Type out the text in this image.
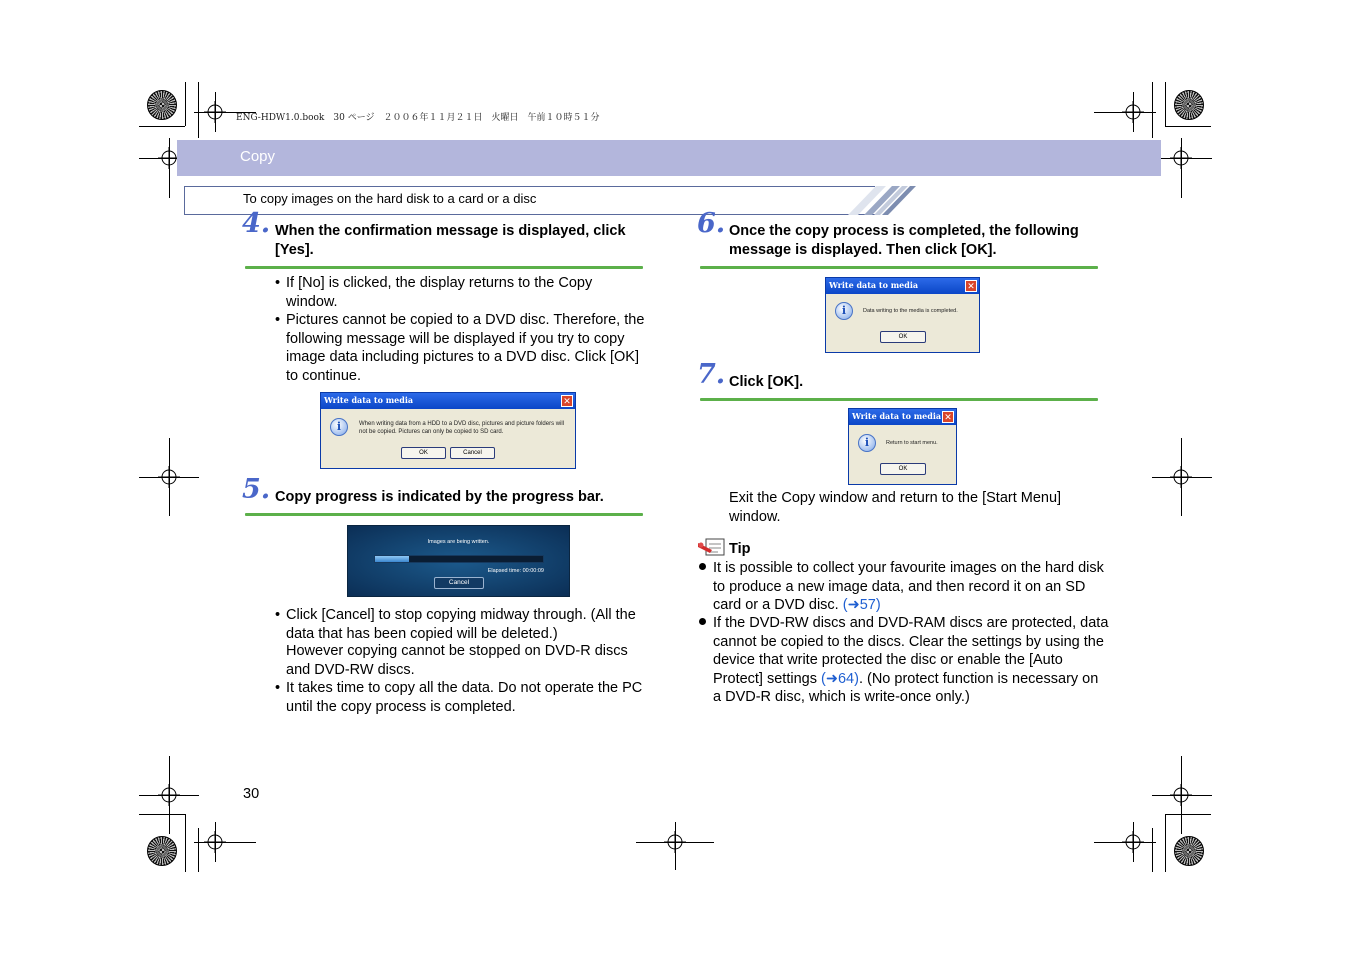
ENG-HDW1.0.book　30 ページ　２００６年１１月２１日　火曜日　午前１０時５１分
Copy
To copy images on the hard disk to a card or a disc
4. When the confirmation message is displayed, click [Yes].
• If [No] is clicked, the display returns to the Copy window.
• Pictures cannot be copied to a DVD disc. Therefore, the following message will be displayed if you try to copy image data including pictures to a DVD disc. Click [OK] to continue.
Write data to media	✕
i	When writing data from a HDD to a DVD disc, pictures and picture folders will not be copied. Pictures can only be copied to SD card.
OK	Cancel
5. Copy progress is indicated by the progress bar.
Images are being written.
Elapsed time: 00:00:09
Cancel
• Click [Cancel] to stop copying midway through. (All the data that has been copied will be deleted.)
However copying cannot be stopped on DVD-R discs and DVD-RW discs.
• It takes time to copy all the data. Do not operate the PC until the copy process is completed.
6. Once the copy process is completed, the following message is displayed. Then click [OK].
Write data to media	✕
i	Data writing to the media is completed.
OK
7. Click [OK].
Write data to media ✕
i	Return to start menu.
OK
Exit the Copy window and return to the [Start Menu] window.
Tip
It is possible to collect your favourite images on the hard disk to produce a new image data, and then record it on an SD card or a DVD disc. (➜57)
If the DVD-RW discs and DVD-RAM discs are protected, data cannot be copied to the discs. Clear the settings by using the device that write protected the disc or enable the [Auto Protect] settings (➜64). (No protect function is necessary on a DVD-R disc, which is write-once only.)
30
